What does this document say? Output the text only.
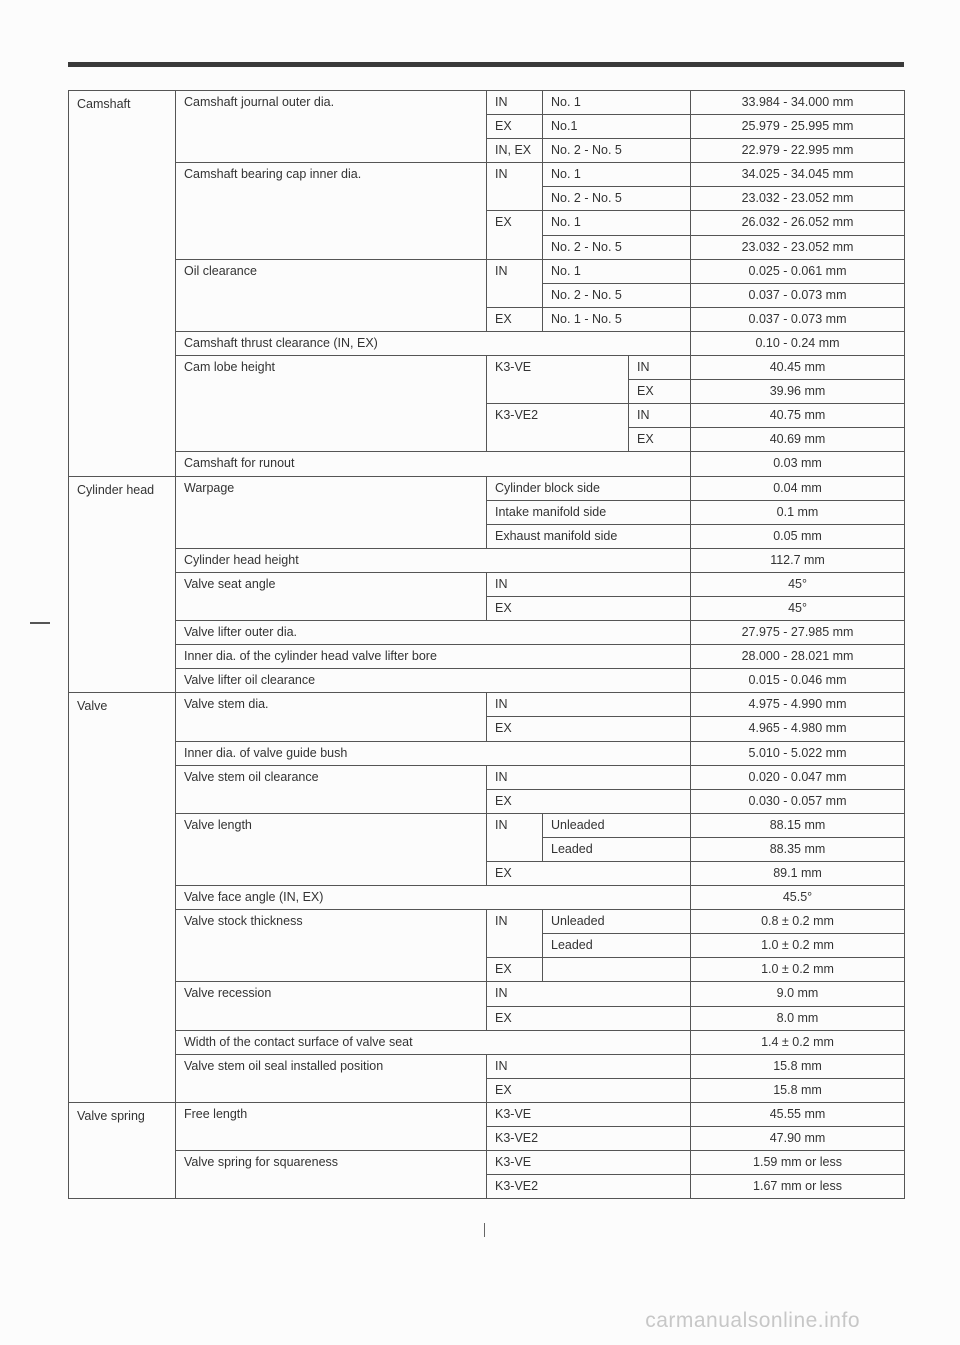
Camshaft	Camshaft journal outer dia.	IN	No. 1		33.984 - 34.000 mm
		EX	No.1		25.979 - 25.995 mm
		IN, EX	No. 2 - No. 5		22.979 - 22.995 mm
	Camshaft bearing cap inner dia.	IN	No. 1		34.025 - 34.045 mm
			No. 2 - No. 5		23.032 - 23.052 mm
		EX	No. 1		26.032 - 26.052 mm
			No. 2 - No. 5		23.032 - 23.052 mm
	Oil clearance	IN	No. 1		0.025 - 0.061 mm
			No. 2 - No. 5		0.037 - 0.073 mm
		EX	No. 1 - No. 5		0.037 - 0.073 mm
	Camshaft thrust clearance (IN, EX)				0.10 - 0.24 mm
	Cam lobe height	K3-VE		IN	40.45 mm
				EX	39.96 mm
		K3-VE2		IN	40.75 mm
				EX	40.69 mm
	Camshaft for runout				0.03 mm
Cylinder head	Warpage	Cylinder block side			0.04 mm
		Intake manifold side			0.1 mm
		Exhaust manifold side			0.05 mm
	Cylinder head height				112.7 mm
	Valve seat angle	IN			45°
		EX			45°
	Valve lifter outer dia.				27.975 - 27.985 mm
	Inner dia. of the cylinder head valve lifter bore				28.000 - 28.021 mm
	Valve lifter oil clearance				0.015 - 0.046 mm
Valve	Valve stem dia.	IN			4.975 - 4.990 mm
		EX			4.965 - 4.980 mm
	Inner dia. of valve guide bush				5.010 - 5.022 mm
	Valve stem oil clearance	IN			0.020 - 0.047 mm
		EX			0.030 - 0.057 mm
	Valve length	IN	Unleaded		88.15 mm
			Leaded		88.35 mm
		EX			89.1 mm
	Valve face angle (IN, EX)				45.5°
	Valve stock thickness	IN	Unleaded		0.8 ± 0.2 mm
			Leaded		1.0 ± 0.2 mm
		EX			1.0 ± 0.2 mm
	Valve recession	IN			9.0 mm
		EX			8.0 mm
	Width of the contact surface of valve seat				1.4 ± 0.2 mm
	Valve stem oil seal installed position	IN			15.8 mm
		EX			15.8 mm
Valve spring	Free length	K3-VE			45.55 mm
		K3-VE2			47.90 mm
	Valve spring for squareness	K3-VE			1.59 mm or less
		K3-VE2			1.67 mm or less
carmanualsonline.info
